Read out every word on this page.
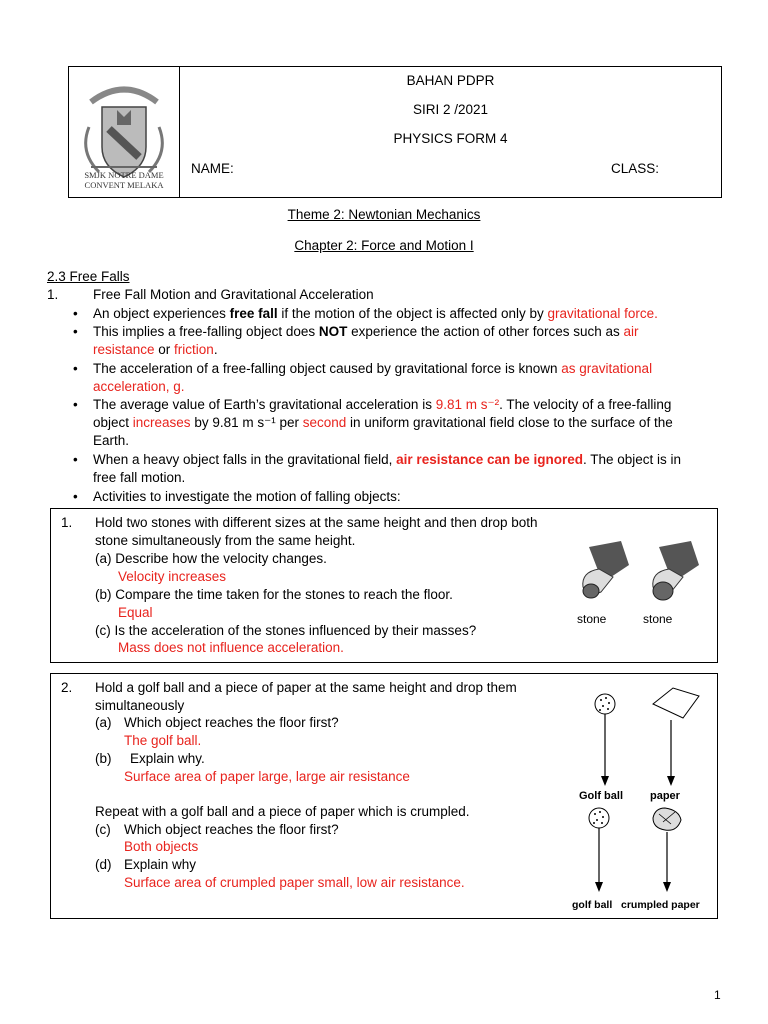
SMJK NOTRE DAME
CONVENT MELAKA
BAHAN PDPR
SIRI 2 /2021
PHYSICS FORM 4
NAME:	CLASS:
Theme 2: Newtonian Mechanics
Chapter 2: Force and Motion I
2.3 Free Falls
1.	Free Fall Motion and Gravitational Acceleration
• An object experiences free fall if the motion of the object is affected only by gravitational force.
• This implies a free-falling object does NOT experience the action of other forces such as air
resistance or friction.
• The acceleration of a free-falling object caused by gravitational force is known as gravitational
acceleration, g.
• The average value of Earth’s gravitational acceleration is 9.81 m s⁻². The velocity of a free-falling
object increases by 9.81 m s⁻¹ per second in uniform gravitational field close to the surface of the
Earth.
• When a heavy object falls in the gravitational field, air resistance can be ignored. The object is in
free fall motion.
• Activities to investigate the motion of falling objects:
1. Hold two stones with different sizes at the same height and then drop both
stone simultaneously from the same height.
(a) Describe how the velocity changes.
Velocity increases
(b) Compare the time taken for the stones to reach the floor.
Equal
(c) Is the acceleration of the stones influenced by their masses?
Mass does not influence acceleration.
stone	stone
2. Hold a golf ball and a piece of paper at the same height and drop them
simultaneously
(a) Which object reaches the floor first?
The golf ball.
(b) Explain why.
Surface area of paper large, large air resistance
Repeat with a golf ball and a piece of paper which is crumpled.
(c) Which object reaches the floor first?
Both objects
(d) Explain why
Surface area of crumpled paper small, low air resistance.
Golf ball paper
golf ball crumpled paper
1
